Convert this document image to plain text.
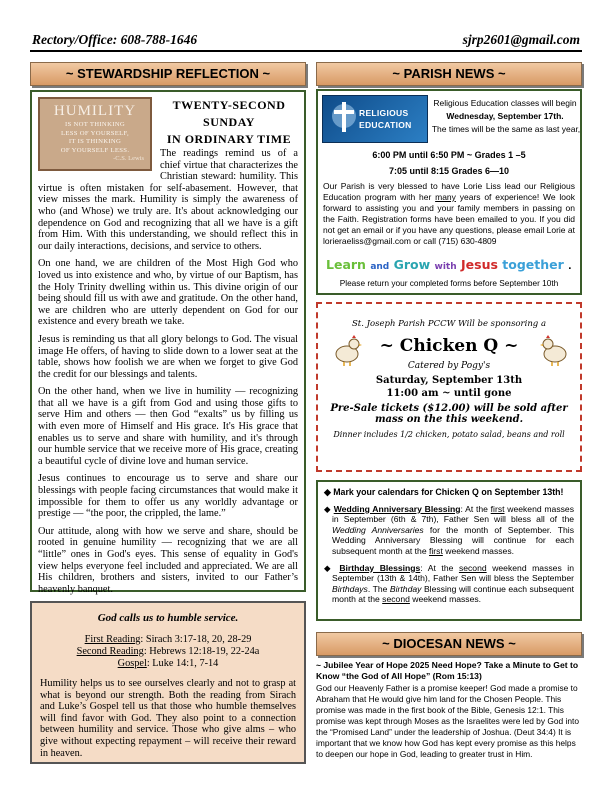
Rectory/Office: 608-788-1646	sjrp2601@gmail.com
~ STEWARDSHIP REFLECTION ~
HUMILITY
IS NOT THINKING
LESS OF YOURSELF,
IT IS THINKING
OF YOURSELF LESS.
-C.S. Lewis
TWENTY-SECOND
SUNDAY
IN ORDINARY TIME

The readings remind us of a chief virtue that characterizes the Christian steward: humility. This virtue is often mistaken for self-abasement. However, that view misses the mark. Humility is simply the awareness of who (and Whose) we truly are. It's about acknowledging our dependence on God and recognizing that all we have is a gift from Him. With this understanding, we should reflect this in our daily interactions, decisions, and service to others.

On one hand, we are children of the Most High God who loved us into existence and who, by virtue of our Baptism, has the Holy Trinity dwelling within us. This divine origin of our being should fill us with awe and gratitude. On the other hand, we are children who are utterly dependent on God for our existence and every breath we take.

Jesus is reminding us that all glory belongs to God. The visual image He offers, of having to slide down to a lower seat at the table, shows how foolish we are when we forget to give God the credit for our blessings and talents.

On the other hand, when we live in humility — recognizing that all we have is a gift from God and using those gifts to serve Him and others — then God “exalts” us by filling us with even more of Himself and His grace. It's His grace that enables us to serve and share with humility, and it's through our humble service that we receive more of His grace, creating a beautiful cycle of divine love and human service.

Jesus continues to encourage us to serve and share our blessings with people facing circumstances that would make it impossible for them to offer us any worldly advantage or prestige — “the poor, the crippled, the lame.”

Our attitude, along with how we serve and share, should be rooted in genuine humility — recognizing that we are all “little” ones in God's eyes. This sense of equality in God's view helps everyone feel included and appreciated. We are all His children, brothers and sisters, invited to our Father’s heavenly banquet.

God calls us to humble service.
First Reading: Sirach 3:17-18, 20, 28-29
Second Reading: Hebrews 12:18-19, 22-24a
Gospel: Luke 14:1, 7-14

Humility helps us to see ourselves clearly and not to grasp at what is beyond our strength. Both the reading from Sirach and Luke’s Gospel tell us that those who humble themselves will find favor with God. They also point to a connection between humility and service. Those who give alms – who give without expecting repayment – will receive their reward in heaven.

~ PARISH NEWS ~
RELIGIOUS
EDUCATION
Religious Education classes will begin
Wednesday, September 17th.
The times will be the same as last year,
6:00 PM until 6:50 PM ~ Grades 1 –5
7:05 until 8:15 Grades 6—10
Our Parish is very blessed to have Lorie Liss lead our Religious Education program with her many years of experience! We look forward to assisting you and your family members in passing on the Faith. Registration forms have been emailed to you. If you did not get an email or if you have any questions, please email Lorie at lorieraeliss@gmail.com or call (715) 630-4809
Learn and Grow with Jesus together .
Please return your completed forms before September 10th
St. Joseph Parish PCCW Will be sponsoring a
~ Chicken Q ~
Catered by Pogy's
Saturday, September 13th
11:00 am ~ until gone
Pre-Sale tickets ($12.00) will be sold after
mass on the this weekend.
Dinner includes 1/2 chicken, potato salad, beans and roll
◆ Mark your calendars for Chicken Q on September 13th!
◆ Wedding Anniversary Blessing: At the first weekend masses in September (6th & 7th), Father Sen will bless all of the Wedding Anniversaries for the month of September. This Wedding Anniversary Blessing will continue for each subsequent month at the first weekend masses.
◆ Birthday Blessings: At the second weekend masses in September (13th & 14th), Father Sen will bless the September Birthdays. The Birthday Blessing will continue each subsequent month at the second weekend masses.
~ DIOCESAN NEWS ~
~ Jubilee Year of Hope 2025 Need Hope? Take a Minute to Get to Know “the God of All Hope” (Rom 15:13)
God our Heavenly Father is a promise keeper! God made a promise to Abraham that He would give him land for the Chosen People. This promise was made in the first book of the Bible, Genesis 12:1. This promise was kept through Moses as the Israelites were led by God into the “Promised Land” under the leadership of Joshua. (Deut 34:4) It is important that we know how God has kept every promise as this helps to deepen our hope in God, leading to greater trust in Him.
